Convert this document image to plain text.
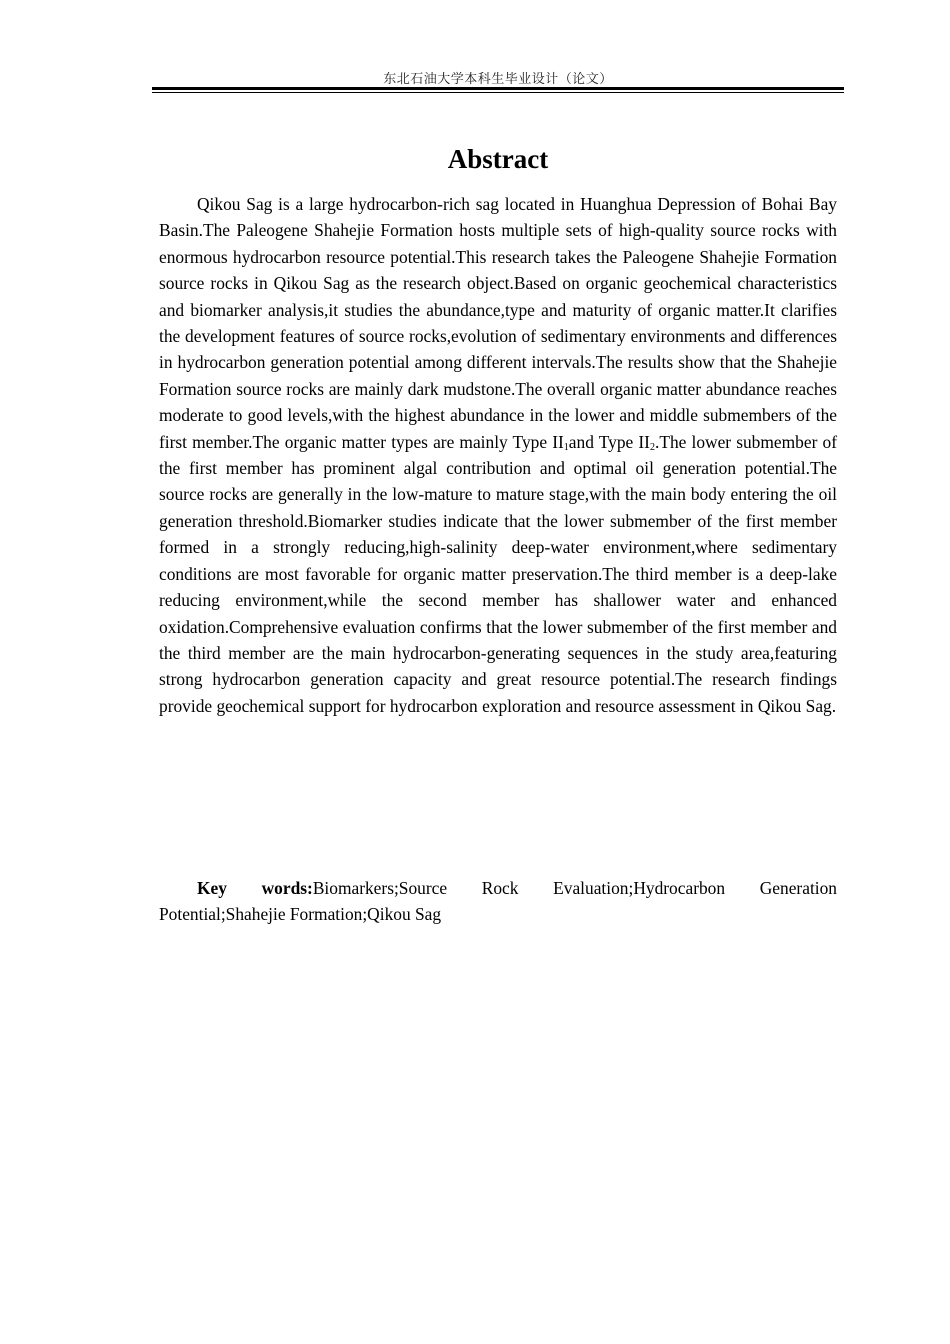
东北石油大学本科生毕业设计（论文）
Abstract

Qikou Sag is a large hydrocarbon-rich sag located in Huanghua Depression of Bohai Bay Basin.The Paleogene Shahejie Formation hosts multiple sets of high-quality source rocks with enormous hydrocarbon resource potential.This research takes the Paleogene Shahejie Formation source rocks in Qikou Sag as the research object.Based on organic geochemical characteristics and biomarker analysis,it studies the abundance,type and maturity of organic matter.It clarifies the development features of source rocks,evolution of sedimentary environments and differences in hydrocarbon generation potential among different intervals.The results show that the Shahejie Formation source rocks are mainly dark mudstone.The overall organic matter abundance reaches moderate to good levels,with the highest abundance in the lower and middle submembers of the first member.The organic matter types are mainly Type $II_1and$ Type $II_2.The$ lower submember of the first member has prominent algal contribution and optimal oil generation potential.The source rocks are generally in the low-mature to mature stage,with the main body entering the oil generation threshold.Biomarker studies indicate that the lower submember of the first member formed in a strongly reducing,high-salinity deep-water environment,where sedimentary conditions are most favorable for organic matter preservation.The third member is a deep-lake reducing environment,while the second member has shallower water and enhanced oxidation.Comprehensive evaluation confirms that the lower submember of the first member and the third member are the main hydrocarbon-generating sequences in the study area,featuring strong hydrocarbon generation capacity and great resource potential.The research findings provide geochemical support for hydrocarbon exploration and resource assessment in Qikou Sag.

Key words:Biomarkers;Source Rock Evaluation;Hydrocarbon Generation Potential;Shahejie Formation;Qikou Sag
